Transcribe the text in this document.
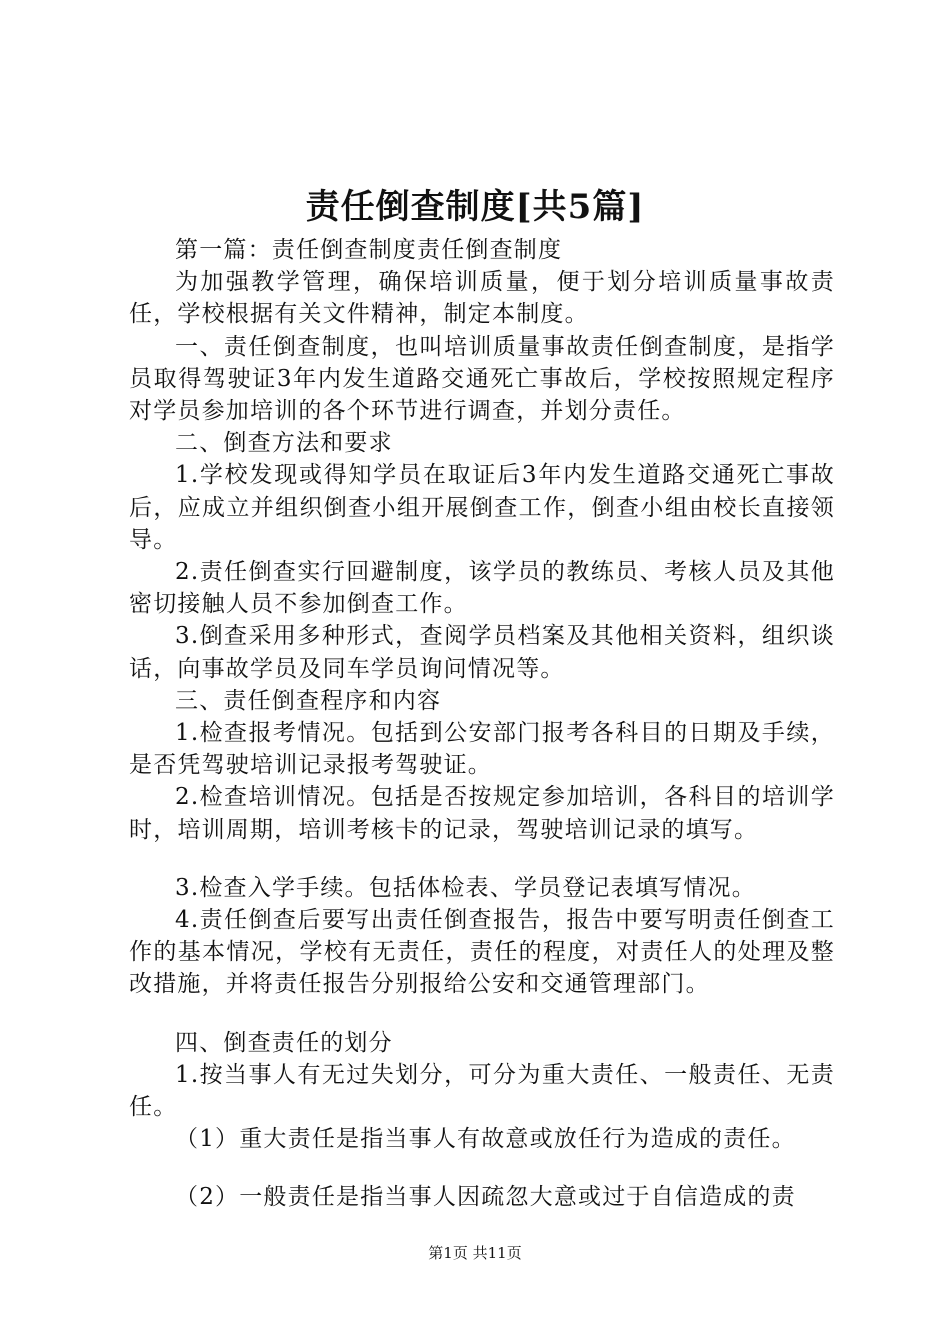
责任倒查制度[共5篇]

第一篇：责任倒查制度责任倒查制度

为加强教学管理，确保培训质量，便于划分培训质量事故责任，学校根据有关文件精神，制定本制度。

一、责任倒查制度，也叫培训质量事故责任倒查制度，是指学员取得驾驶证3年内发生道路交通死亡事故后，学校按照规定程序对学员参加培训的各个环节进行调查，并划分责任。

二、倒查方法和要求

1.学校发现或得知学员在取证后3年内发生道路交通死亡事故后，应成立并组织倒查小组开展倒查工作，倒查小组由校长直接领导。

2.责任倒查实行回避制度，该学员的教练员、考核人员及其他密切接触人员不参加倒查工作。

3.倒查采用多种形式，查阅学员档案及其他相关资料，组织谈话，向事故学员及同车学员询问情况等。

三、责任倒查程序和内容

1.检查报考情况。包括到公安部门报考各科目的日期及手续，是否凭驾驶培训记录报考驾驶证。

2.检查培训情况。包括是否按规定参加培训，各科目的培训学时，培训周期，培训考核卡的记录，驾驶培训记录的填写。

3.检查入学手续。包括体检表、学员登记表填写情况。

4.责任倒查后要写出责任倒查报告，报告中要写明责任倒查工作的基本情况，学校有无责任，责任的程度，对责任人的处理及整改措施，并将责任报告分别报给公安和交通管理部门。

四、倒查责任的划分

1.按当事人有无过失划分，可分为重大责任、一般责任、无责任。

（1）重大责任是指当事人有故意或放任行为造成的责任。

（2）一般责任是指当事人因疏忽大意或过于自信造成的责

第1页 共11页
